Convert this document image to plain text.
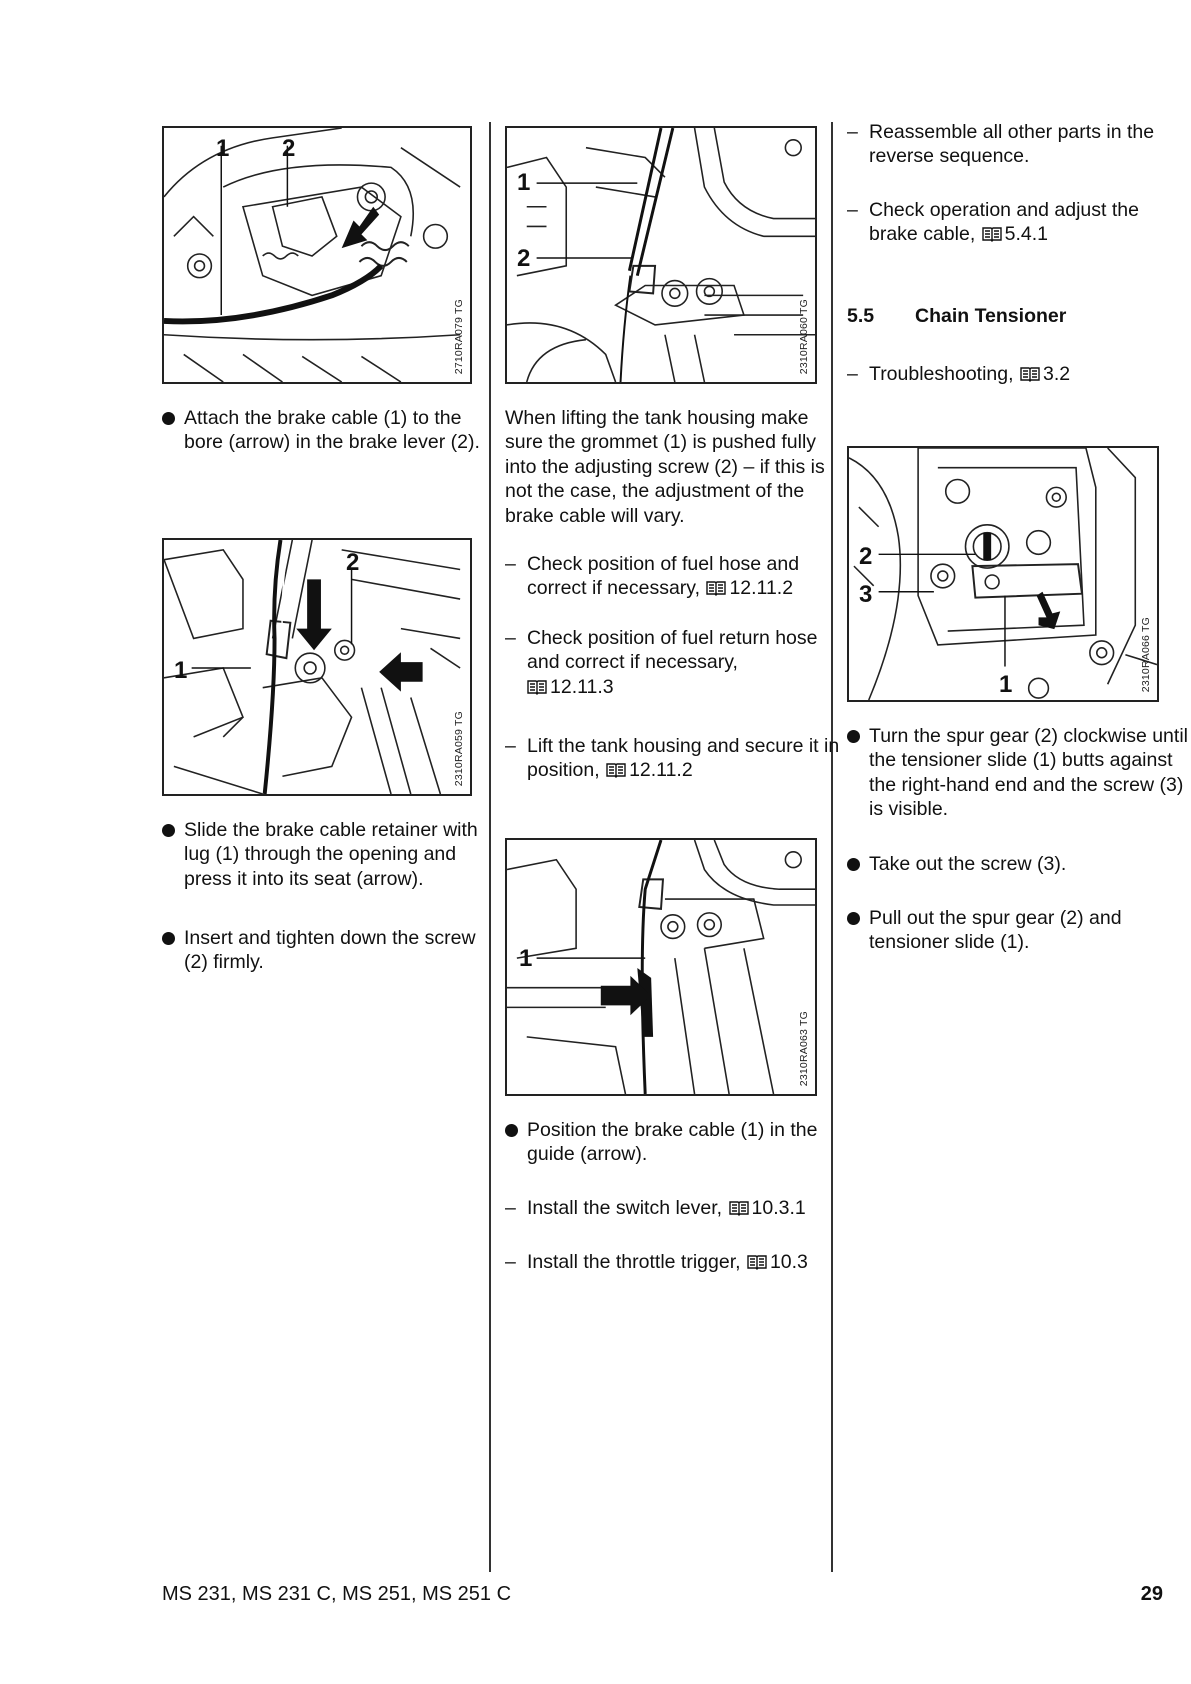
1 2
2710RA079 TG
Attach the brake cable (1) to the bore (arrow) in the brake lever (2).
2
1
2310RA059 TG
Slide the brake cable retainer with lug (1) through the opening and press it into its seat (arrow).
Insert and tighten down the screw (2) firmly.
1
2
2310RA060 TG
When lifting the tank housing make sure the grommet (1) is pushed fully into the adjusting screw (2) – if this is not the case, the adjustment of the brake cable will vary.
– Check position of fuel hose and correct if necessary, 12.11.2
– Check position of fuel return hose and correct if necessary,
12.11.3
– Lift the tank housing and secure it in position, 12.11.2
1
2310RA063 TG
Position the brake cable (1) in the guide (arrow).
– Install the switch lever, 10.3.1
– Install the throttle trigger, 10.3
– Reassemble all other parts in the reverse sequence.
– Check operation and adjust the brake cable, 5.4.1
5.5 Chain Tensioner
– Troubleshooting, 3.2
2
3
1	2310RA066 TG
Turn the spur gear (2) clockwise until the tensioner slide (1) butts against the right-hand end and the screw (3) is visible.
Take out the screw (3).
Pull out the spur gear (2) and tensioner slide (1).
MS 231, MS 231 C, MS 251, MS 251 C	29
